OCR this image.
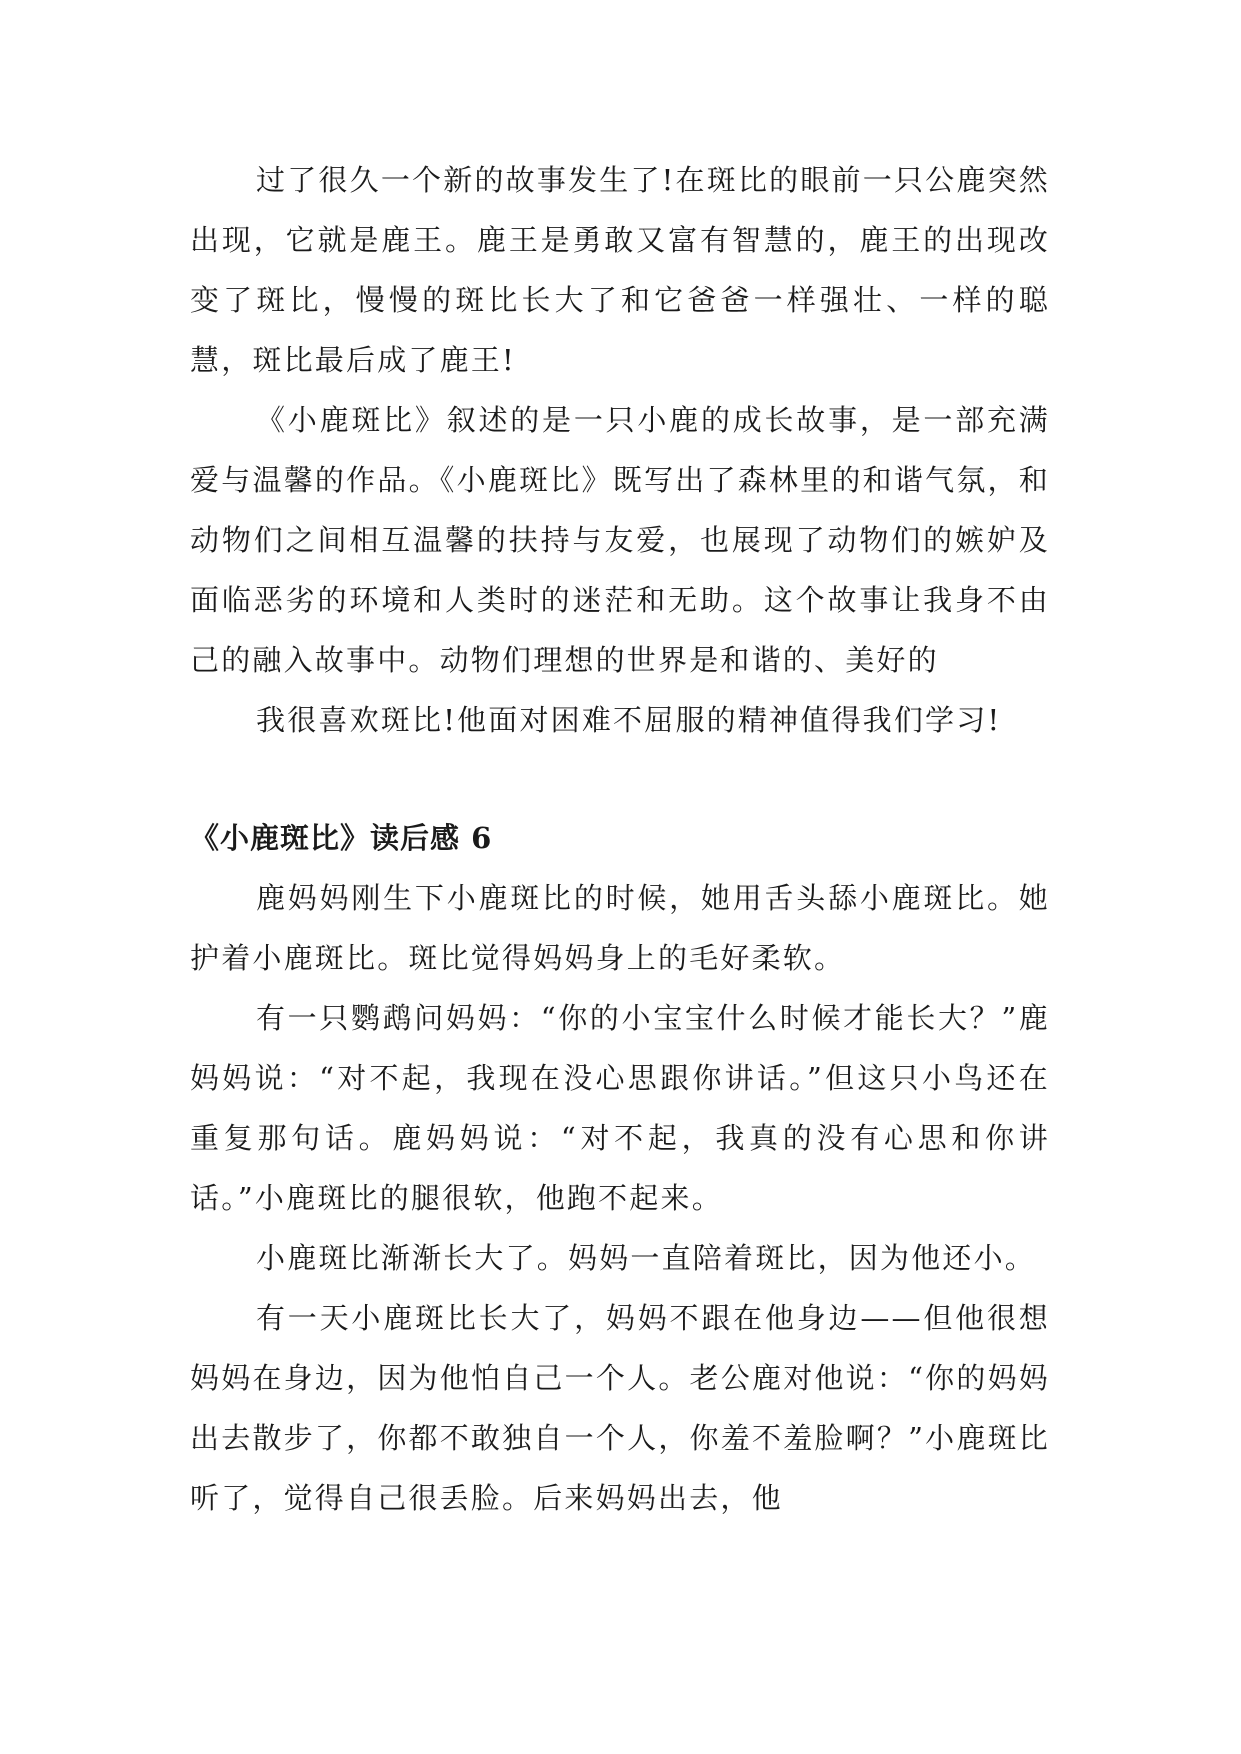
过了很久一个新的故事发生了!在斑比的眼前一只公鹿突然出现，它就是鹿王。鹿王是勇敢又富有智慧的，鹿王的出现改变了斑比，慢慢的斑比长大了和它爸爸一样强壮、一样的聪慧，斑比最后成了鹿王!

《小鹿斑比》叙述的是一只小鹿的成长故事，是一部充满爱与温馨的作品。《小鹿斑比》既写出了森林里的和谐气氛，和动物们之间相互温馨的扶持与友爱，也展现了动物们的嫉妒及面临恶劣的环境和人类时的迷茫和无助。这个故事让我身不由己的融入故事中。动物们理想的世界是和谐的、美好的

我很喜欢斑比!他面对困难不屈服的精神值得我们学习!

《小鹿斑比》读后感 6

鹿妈妈刚生下小鹿斑比的时候，她用舌头舔小鹿斑比。她护着小鹿斑比。斑比觉得妈妈身上的毛好柔软。

有一只鹦鹉问妈妈：“你的小宝宝什么时候才能长大？”鹿妈妈说：“对不起，我现在没心思跟你讲话。”但这只小鸟还在重复那句话。鹿妈妈说：“对不起，我真的没有心思和你讲话。”小鹿斑比的腿很软，他跑不起来。

小鹿斑比渐渐长大了。妈妈一直陪着斑比，因为他还小。

有一天小鹿斑比长大了，妈妈不跟在他身边——但他很想妈妈在身边，因为他怕自己一个人。老公鹿对他说：“你的妈妈出去散步了，你都不敢独自一个人，你羞不羞脸啊？”小鹿斑比听了，觉得自己很丢脸。后来妈妈出去，他
